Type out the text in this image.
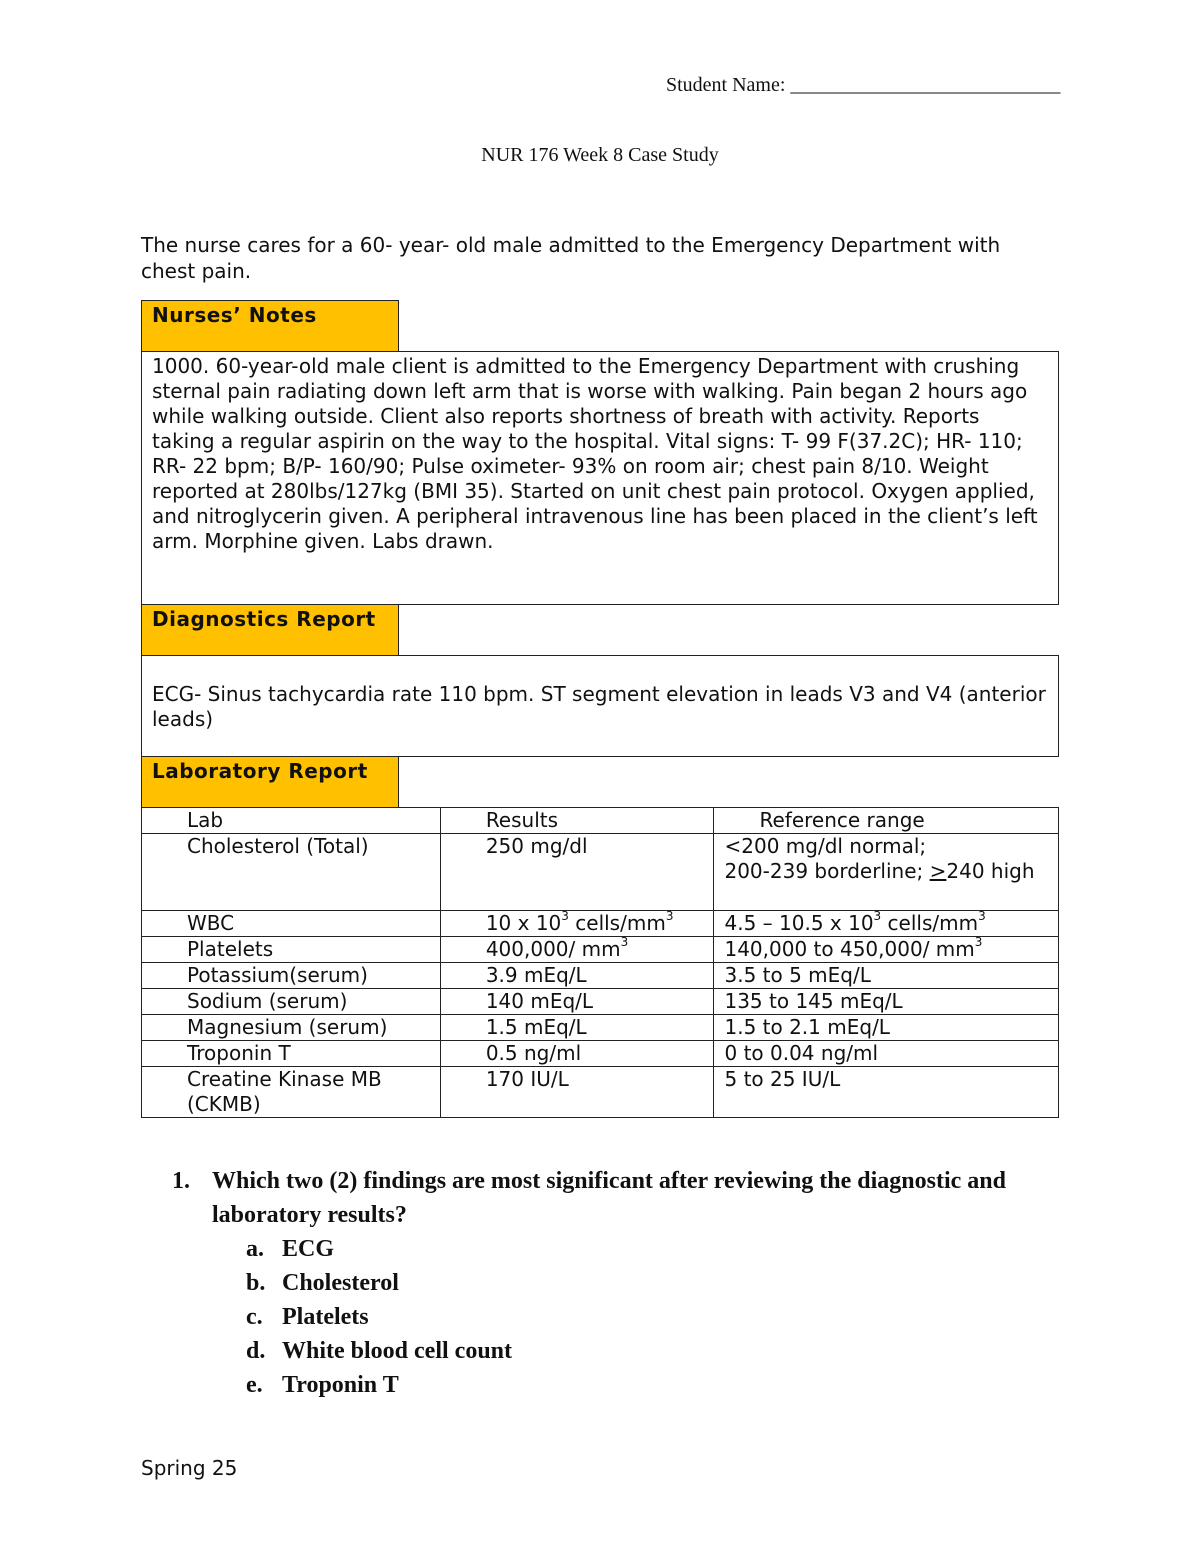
Student Name: ___________________________
NUR 176 Week 8 Case Study
The nurse cares for a 60- year- old male admitted to the Emergency Department with chest pain.
Nurses’ Notes
1000. 60-year-old male client is admitted to the Emergency Department with crushing sternal pain radiating down left arm that is worse with walking. Pain began 2 hours ago while walking outside. Client also reports shortness of breath with activity. Reports taking a regular aspirin on the way to the hospital. Vital signs: T- 99 F(37.2C); HR- 110; RR- 22 bpm; B/P- 160/90; Pulse oximeter- 93% on room air; chest pain 8/10. Weight reported at 280lbs/127kg (BMI 35). Started on unit chest pain protocol. Oxygen applied, and nitroglycerin given. A peripheral intravenous line has been placed in the client’s left arm. Morphine given. Labs drawn.
Diagnostics Report
ECG- Sinus tachycardia rate 110 bpm. ST segment elevation in leads V3 and V4 (anterior leads)
Laboratory Report
Lab	Results	Reference range
Cholesterol (Total)	250 mg/dl	<200 mg/dl normal;
200-239 borderline; >240 high
WBC	10 x $10^3$ cells/$mm^3$	4.5 – 10.5 x $10^3$ cells/$mm^3$
Platelets	400,000/ $mm^3$	140,000 to 450,000/ $mm^3$
Potassium(serum)	3.9 mEq/L	3.5 to 5 mEq/L
Sodium (serum)	140 mEq/L	135 to 145 mEq/L
Magnesium (serum)	1.5 mEq/L	1.5 to 2.1 mEq/L
Troponin T	0.5 ng/ml	0 to 0.04 ng/ml
Creatine Kinase MB (CKMB)	170 IU/L	5 to 25 IU/L
1. Which two (2) findings are most significant after reviewing the diagnostic and laboratory results?
a. ECG
b. Cholesterol
c. Platelets
d. White blood cell count
e. Troponin T
Spring 25
